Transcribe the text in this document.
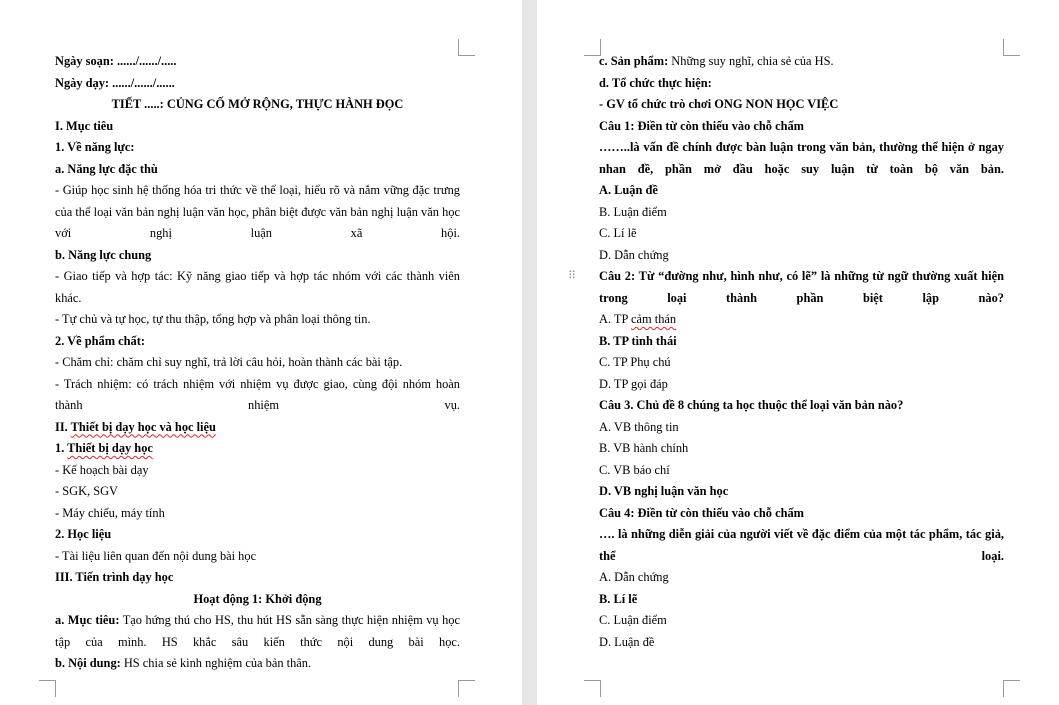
Ngày soạn: ....../....../.....
Ngày dạy: ....../....../......
TIẾT .....: CỦNG CỐ MỞ RỘNG, THỰC HÀNH ĐỌC
I. Mục tiêu
1. Về năng lực:
a. Năng lực đặc thù
- Giúp học sinh hệ thống hóa tri thức về thể loại, hiểu rõ và nắm vững đặc trưng của thể loại văn bản nghị luận văn học, phân biệt được văn bản nghị luận văn học với nghị luận xã hội.
b. Năng lực chung
- Giao tiếp và hợp tác: Kỹ năng giao tiếp và hợp tác nhóm với các thành viên khác.
- Tự chủ và tự học, tự thu thập, tổng hợp và phân loại thông tin.
2. Về phẩm chất:
- Chăm chỉ: chăm chỉ suy nghĩ, trả lời câu hỏi, hoàn thành các bài tập.
- Trách nhiệm: có trách nhiệm với nhiệm vụ được giao, cùng đội nhóm hoàn thành nhiệm vụ.
II. Thiết bị dạy học và học liệu
1. Thiết bị dạy học
- Kế hoạch bài dạy
- SGK, SGV
- Máy chiếu, máy tính
2. Học liệu
- Tài liệu liên quan đến nội dung bài học
III. Tiến trình dạy học
Hoạt động 1: Khởi động
a. Mục tiêu: Tạo hứng thú cho HS, thu hút HS sẵn sàng thực hiện nhiệm vụ học tập của mình. HS khắc sâu kiến thức nội dung bài học.
b. Nội dung: HS chia sẻ kinh nghiệm của bản thân.
c. Sản phẩm: Những suy nghĩ, chia sẻ của HS.
d. Tổ chức thực hiện:
- GV tổ chức trò chơi ONG NON HỌC VIỆC
Câu 1: Điền từ còn thiếu vào chỗ chấm
……..là vấn đề chính được bàn luận trong văn bản, thường thể hiện ở ngay nhan đề, phần mở đầu hoặc suy luận từ toàn bộ văn bản.
A. Luận đề
B. Luận điểm
C. Lí lẽ
D. Dẫn chứng
Câu 2: Từ “đường như, hình như, có lẽ” là những từ ngữ thường xuất hiện trong loại thành phần biệt lập nào?
A. TP cảm thán
B. TP tình thái
C. TP Phụ chú
D. TP gọi đáp
Câu 3. Chủ đề 8 chúng ta học thuộc thể loại văn bản nào?
A. VB thông tin
B. VB hành chính
C. VB báo chí
D. VB nghị luận văn học
Câu 4: Điền từ còn thiếu vào chỗ chấm
…. là những diễn giải của người viết về đặc điểm của một tác phẩm, tác giả, thể loại.
A. Dẫn chứng
B. Lí lẽ
C. Luận điểm
D. Luận đề
⠿
